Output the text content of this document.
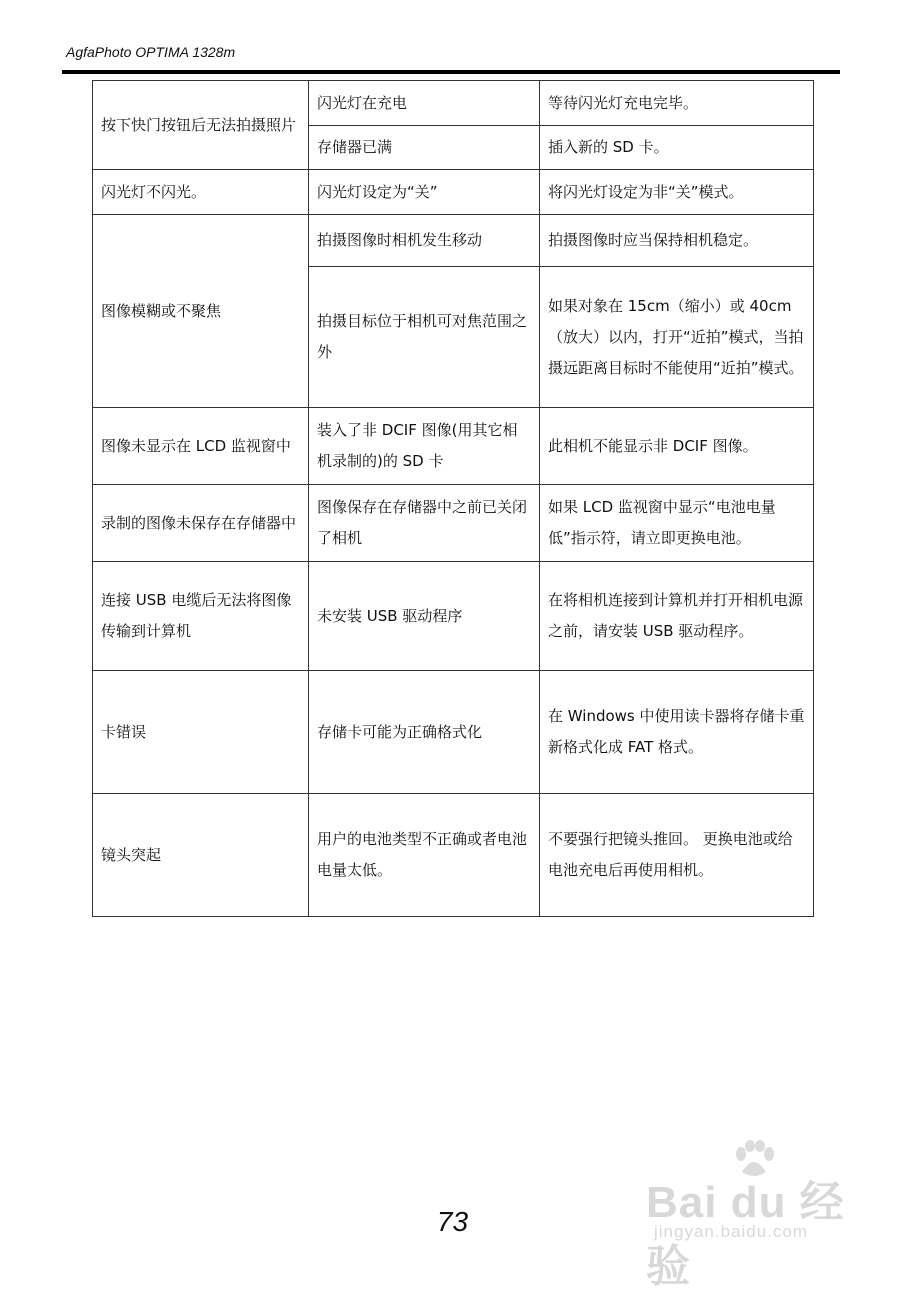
AgfaPhoto OPTIMA 1328m
按下快门按钮后无法拍摄照片	闪光灯在充电	等待闪光灯充电完毕。
	存储器已满	插入新的 SD 卡。
闪光灯不闪光。	闪光灯设定为“关”	将闪光灯设定为非“关”模式。
图像模糊或不聚焦	拍摄图像时相机发生移动	拍摄图像时应当保持相机稳定。
	拍摄目标位于相机可对焦范围之外	如果对象在 15cm（缩小）或 40cm（放大）以内，打开“近拍”模式，当拍摄远距离目标时不能使用“近拍”模式。
图像未显示在 LCD 监视窗中	装入了非 DCIF 图像(用其它相机录制的)的 SD 卡	此相机不能显示非 DCIF 图像。
录制的图像未保存在存储器中	图像保存在存储器中之前已关闭了相机	如果 LCD 监视窗中显示“电池电量低”指示符，请立即更换电池。
连接 USB 电缆后无法将图像传输到计算机	未安装 USB 驱动程序	在将相机连接到计算机并打开相机电源之前，请安装 USB 驱动程序。
卡错误	存储卡可能为正确格式化	在 Windows 中使用读卡器将存储卡重新格式化成 FAT 格式。
镜头突起	用户的电池类型不正确或者电池电量太低。	不要强行把镜头推回。 更换电池或给电池充电后再使用相机。
73	Bai du 经验
jingyan.baidu.com
